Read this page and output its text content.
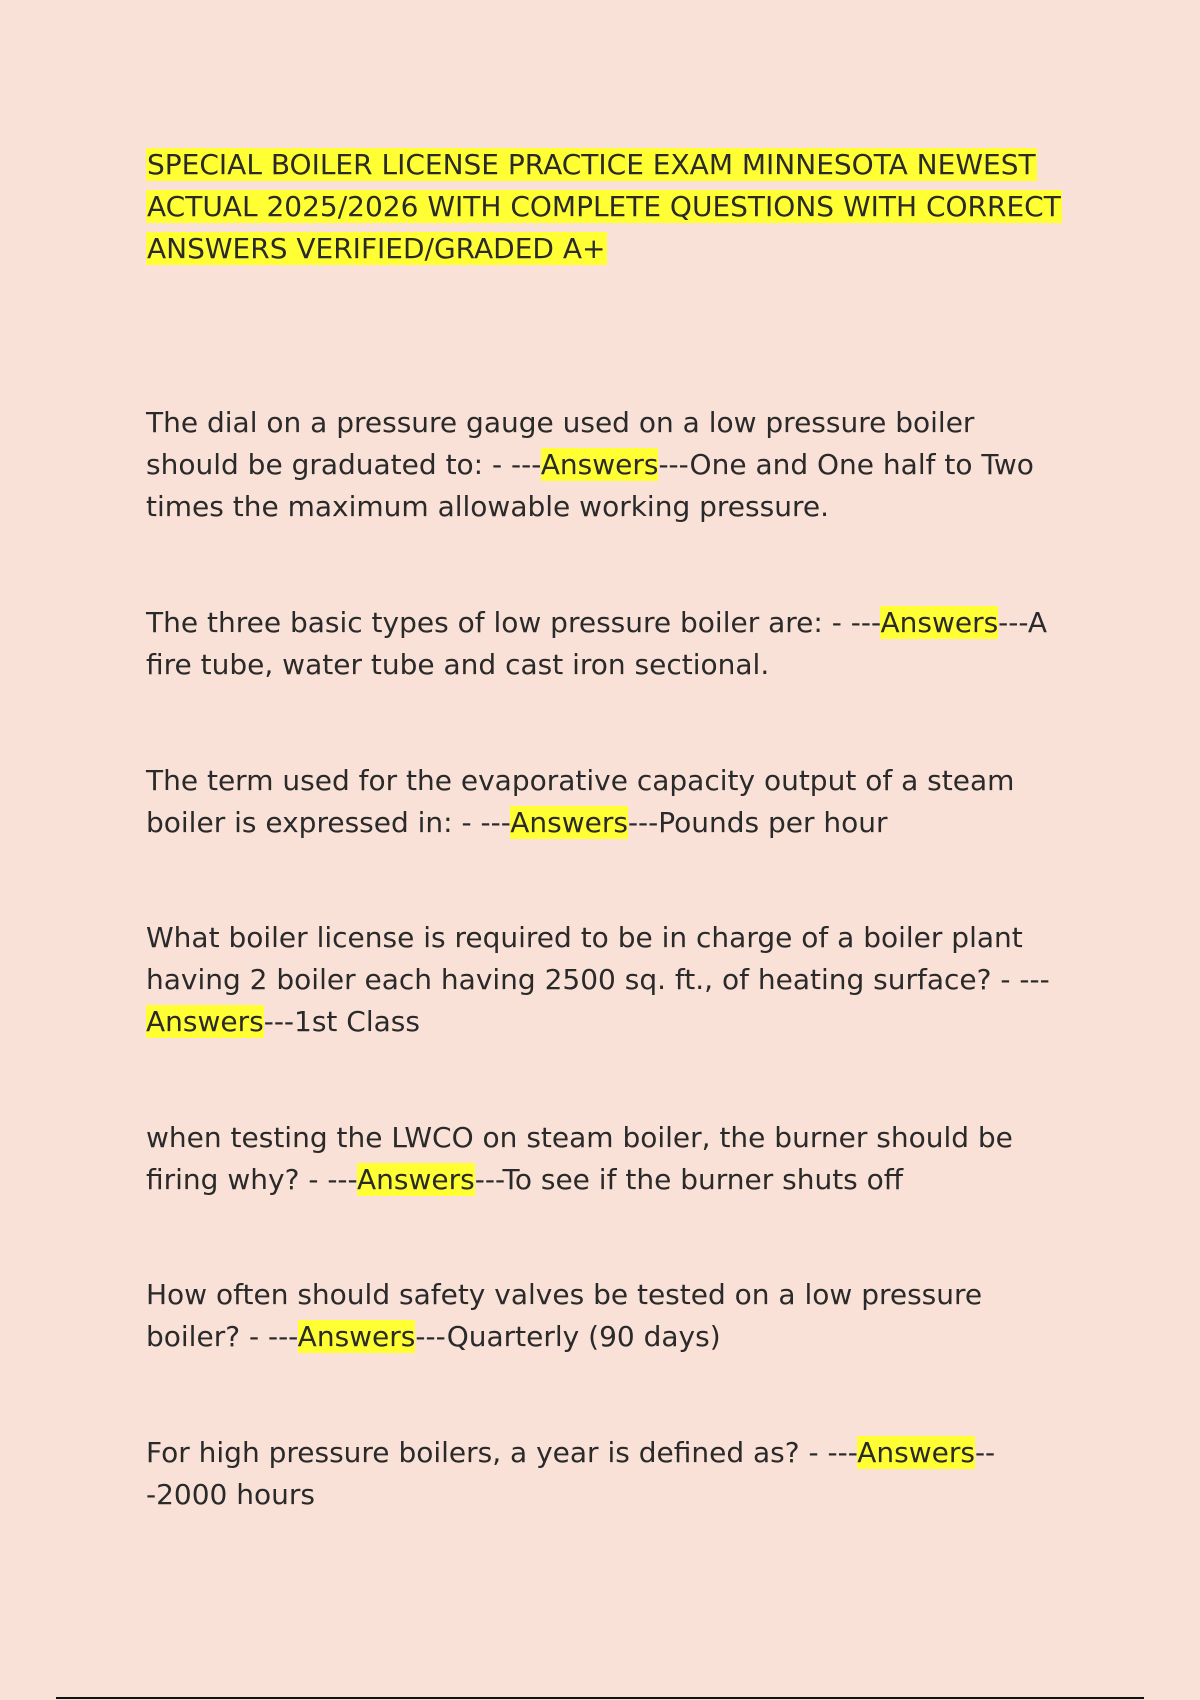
SPECIAL BOILER LICENSE PRACTICE EXAM MINNESOTA NEWEST ACTUAL 2025/2026 WITH COMPLETE QUESTIONS WITH CORRECT ANSWERS VERIFIED/GRADED A+

The dial on a pressure gauge used on a low pressure boiler should be graduated to: - ---Answers---One and One half to Two times the maximum allowable working pressure.

The three basic types of low pressure boiler are: - ---Answers---A fire tube, water tube and cast iron sectional.

The term used for the evaporative capacity output of a steam boiler is expressed in: - ---Answers---Pounds per hour

What boiler license is required to be in charge of a boiler plant having 2 boiler each having 2500 sq. ft., of heating surface? - ---Answers---1st Class

when testing the LWCO on steam boiler, the burner should be firing why? - ---Answers---To see if the burner shuts off

How often should safety valves be tested on a low pressure boiler? - ---Answers---Quarterly (90 days)

For high pressure boilers, a year is defined as? - ---Answers---2000 hours
